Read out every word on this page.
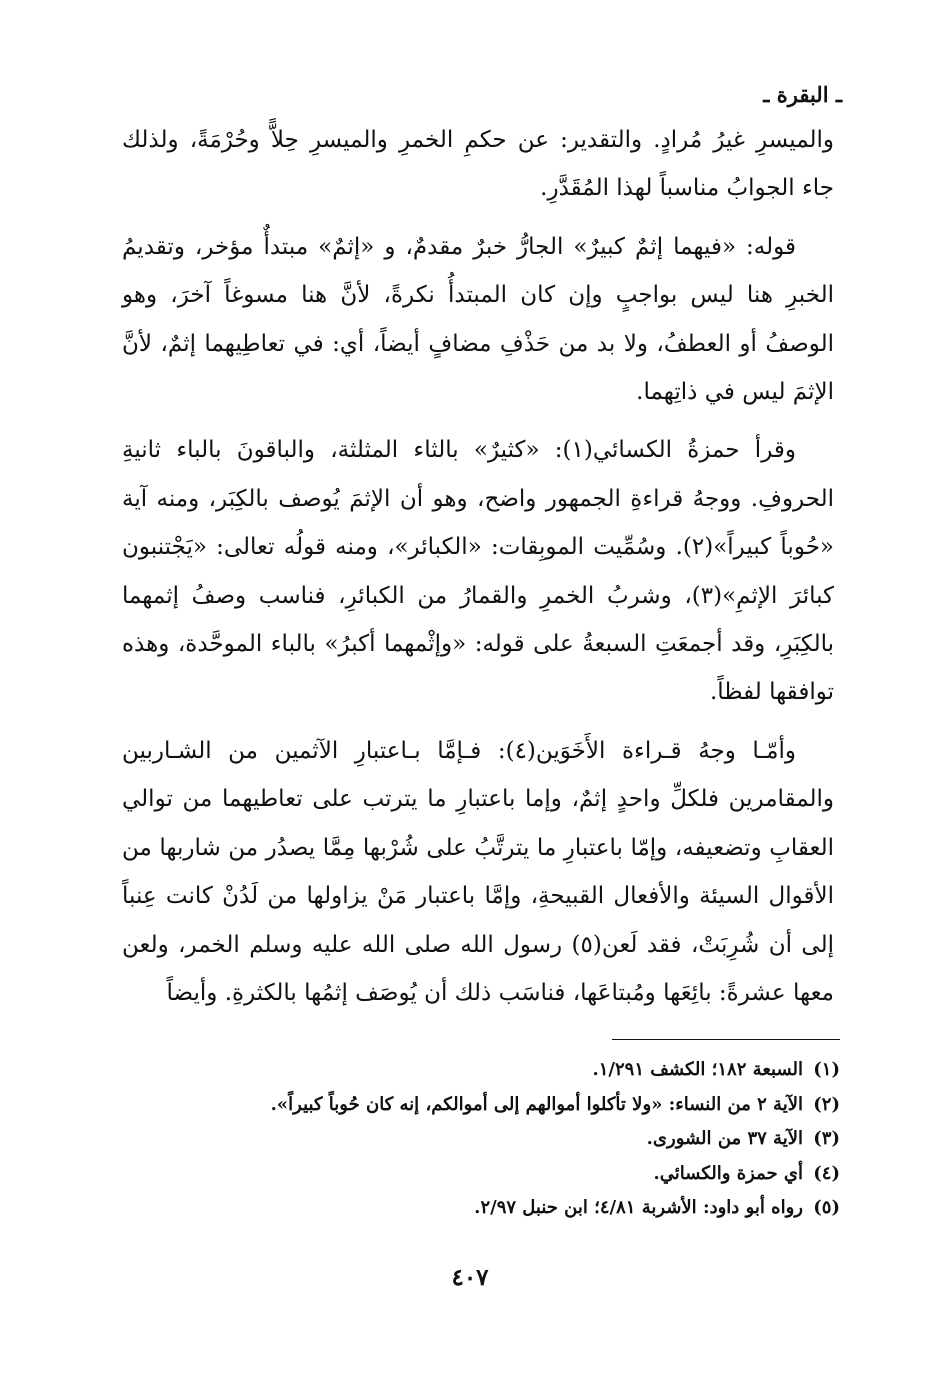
ـ البقرة ـ

والميسرِ غيرُ مُرادٍ. والتقدير: عن حكمِ الخمرِ والميسرِ حِلاًّ وحُرْمَةً، ولذلك جاء الجوابُ مناسباً لهذا المُقَدَّرِ.

قوله: «فيهما إثمٌ كبيرٌ» الجارُّ خبرٌ مقدمٌ، و «إثمٌ» مبتدأٌ مؤخر، وتقديمُ الخبرِ هنا ليس بواجبٍ وإن كان المبتدأُ نكرةً، لأنَّ هنا مسوغاً آخرَ، وهو الوصفُ أو العطفُ، ولا بد من حَذْفِ مضافٍ أيضاً، أي: في تعاطِيهما إثمٌ، لأنَّ الإثمَ ليس في ذاتِهما.

وقرأ حمزةُ الكسائي(١): «كثيرٌ» بالثاء المثلثة، والباقونَ بالباء ثانيةِ الحروفِ. ووجهُ قراءةِ الجمهور واضح، وهو أن الإثمَ يُوصف بالكِبَر، ومنه آية «حُوباً كبيراً»(٢). وسُمِّيت الموبِقات: «الكبائر»، ومنه قولُه تعالى: «يَجْتنبون كبائرَ الإثمِ»(٣)، وشربُ الخمرِ والقمارُ من الكبائرِ، فناسب وصفُ إثمهما بالكِبَرِ، وقد أجمعَتِ السبعةُ على قوله: «وإثْمهما أكبرُ» بالباء الموحَّدة، وهذه توافقها لفظاً.

وأمّـا وجهُ قـراءة الأَخَوَين(٤): فـإمَّا بـاعتبارِ الآثمين من الشـاربين والمقامرين فلكلِّ واحدٍ إثمٌ، وإما باعتبارِ ما يترتب على تعاطيهما من توالي العقابِ وتضعيفه، وإمّا باعتبارِ ما يترتَّبُ على شُرْبها مِمَّا يصدُر من شاربها من الأقوال السيئة والأفعال القبيحةِ، وإمَّا باعتبار مَنْ يزاولها من لَدُنْ كانت عِنباً إلى أن شُرِبَتْ، فقد لَعن(٥) رسول الله صلى الله عليه وسلم الخمر، ولعن معها عشرةً: بائِعَها ومُبتاعَها، فناسَب ذلك أن يُوصَف إثمُها بالكثرةِ. وأيضاً

(١) السبعة ١٨٢؛ الكشف ١/٢٩١.
(٢) الآية ٢ من النساء: «ولا تأكلوا أموالهم إلى أموالكم، إنه كان حُوباً كبيراً».
(٣) الآية ٣٧ من الشورى.
(٤) أي حمزة والكسائي.
(٥) رواه أبو داود: الأشربة ٤/٨١؛ ابن حنبل ٢/٩٧.
٤٠٧
